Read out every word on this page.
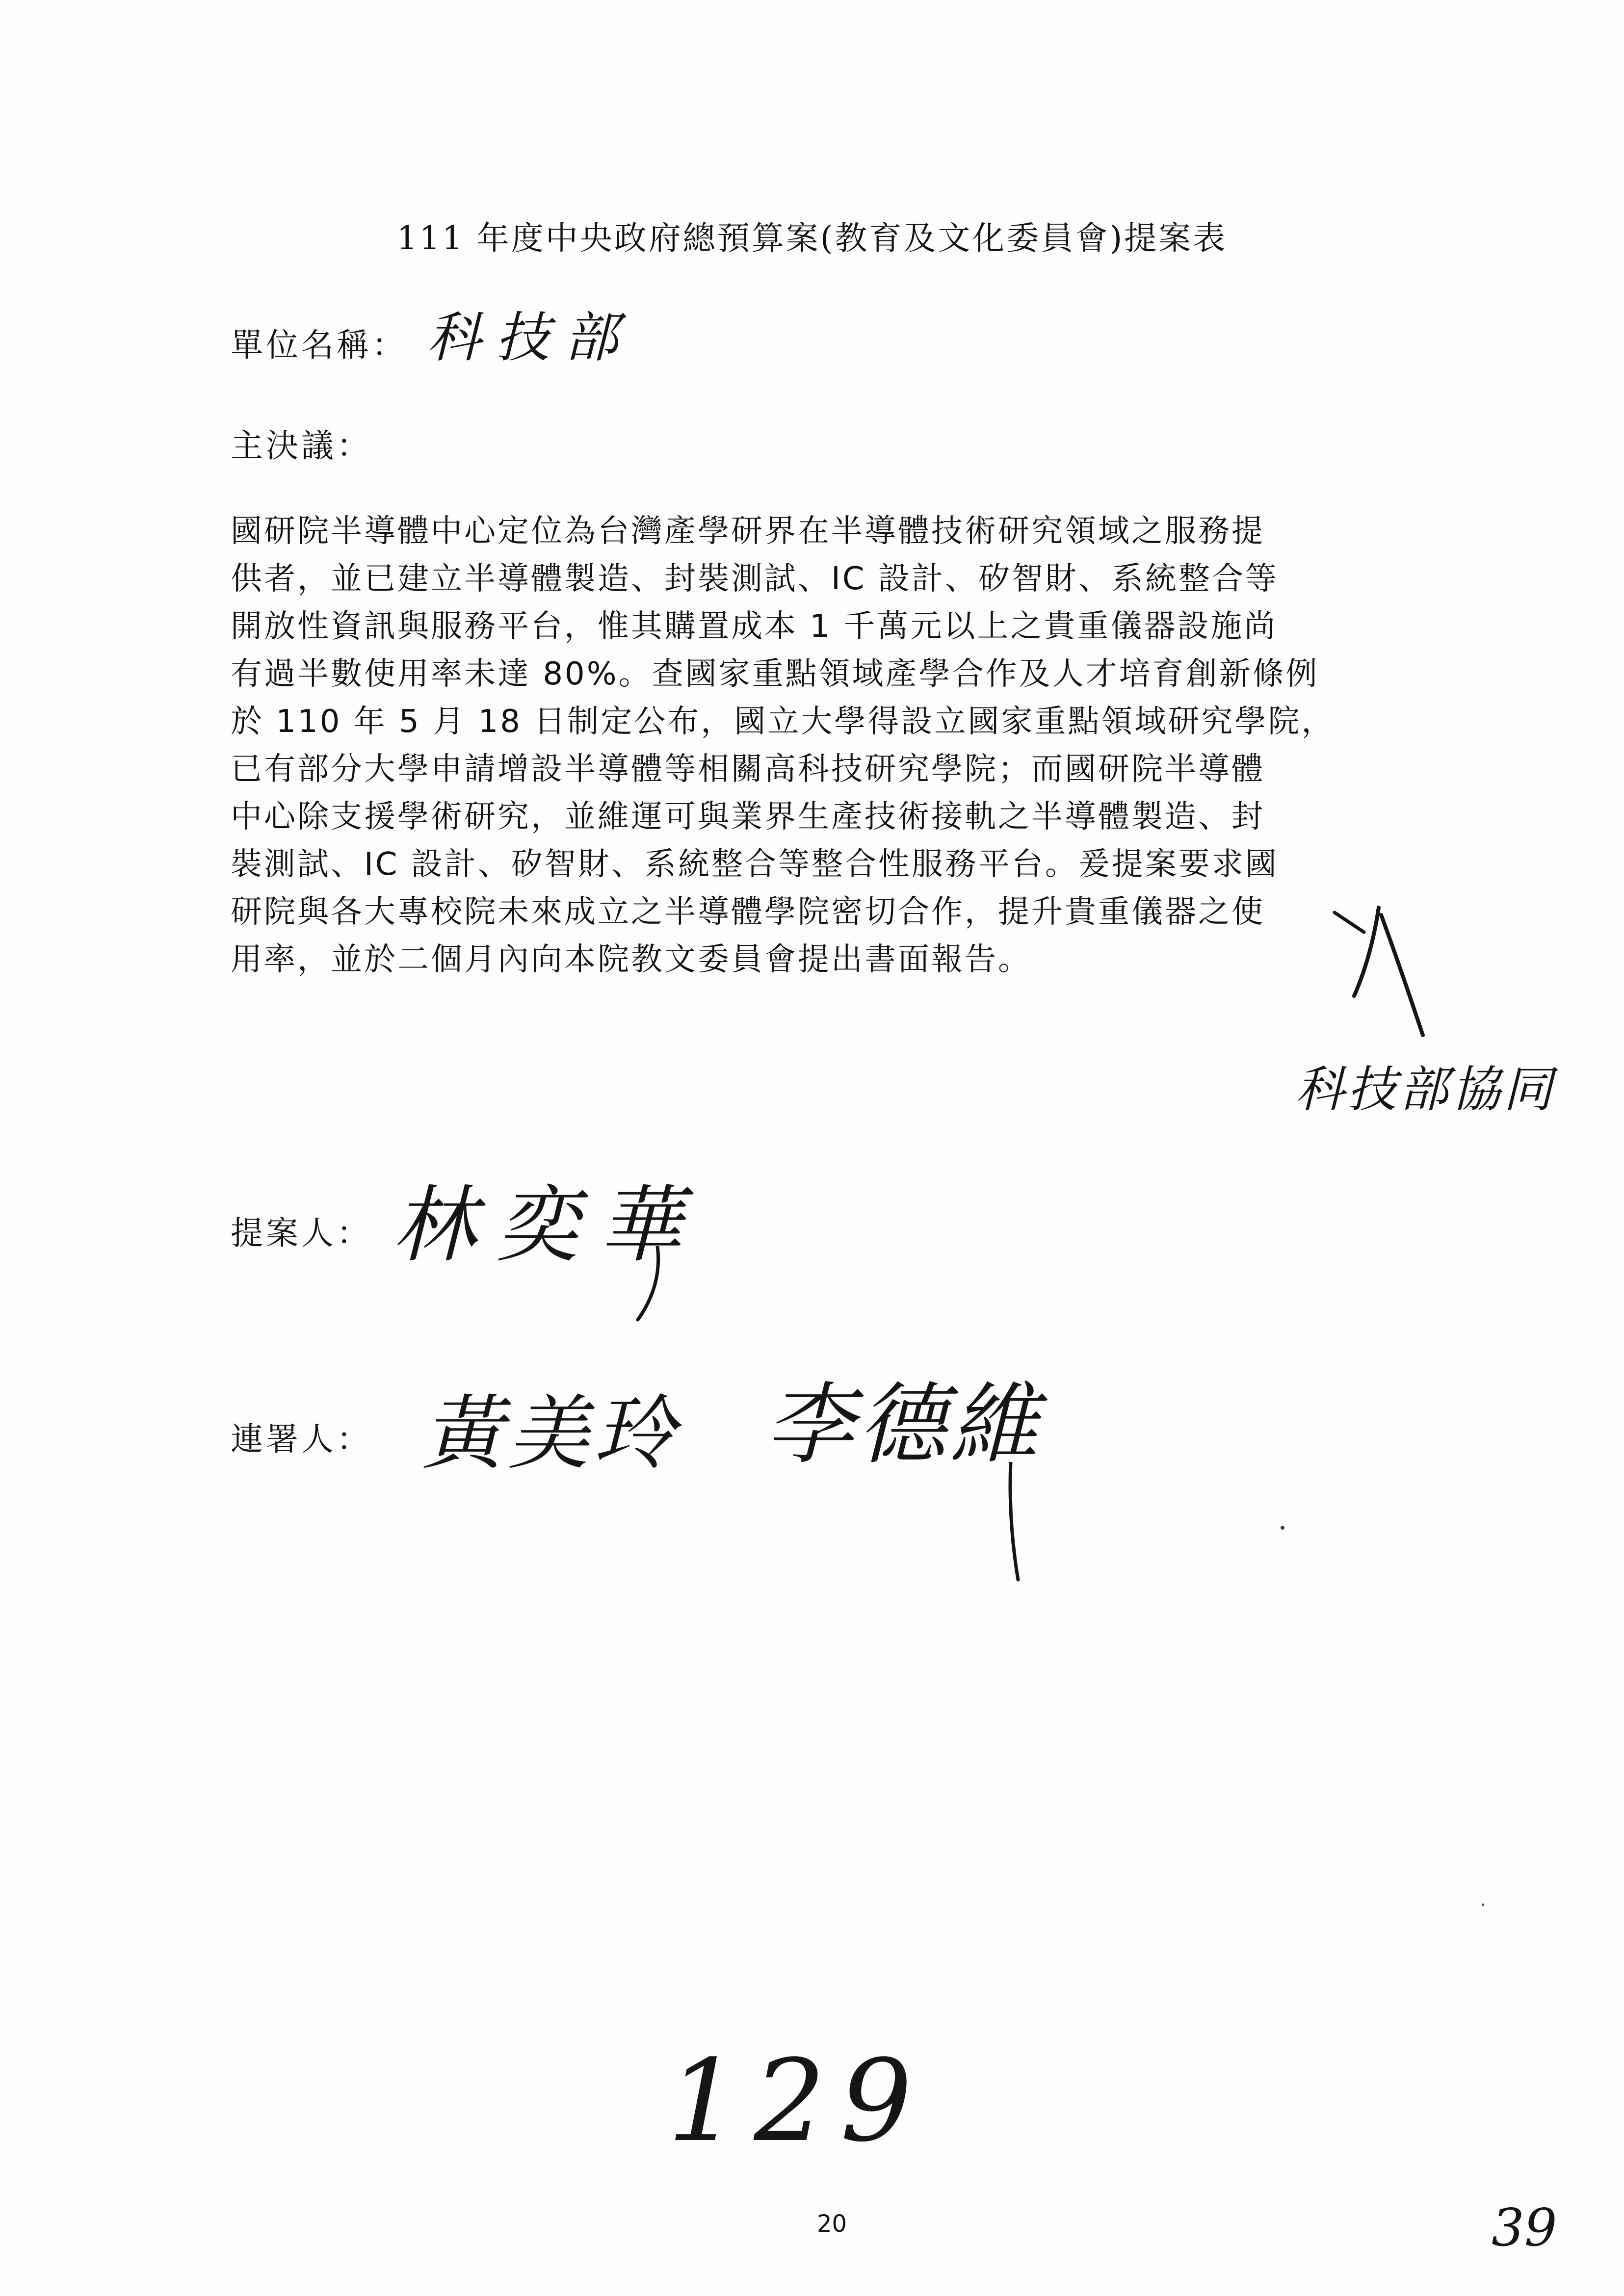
111 年度中央政府總預算案(教育及文化委員會)提案表
單位名稱： 科技部
主決議：
國研院半導體中心定位為台灣產學研界在半導體技術研究領域之服務提
供者，並已建立半導體製造、封裝測試、IC 設計、矽智財、系統整合等
開放性資訊與服務平台，惟其購置成本 1 千萬元以上之貴重儀器設施尚
有過半數使用率未達 80%。查國家重點領域產學合作及人才培育創新條例
於 110 年 5 月 18 日制定公布，國立大學得設立國家重點領域研究學院，
已有部分大學申請增設半導體等相關高科技研究學院；而國研院半導體
中心除支援學術研究，並維運可與業界生產技術接軌之半導體製造、封
裝測試、IC 設計、矽智財、系統整合等整合性服務平台。爰提案要求國
研院與各大專校院未來成立之半導體學院密切合作，提升貴重儀器之使
用率，並於二個月內向本院教文委員會提出書面報告。
科技部協同
提案人： 林奕華
連署人： 黃美玲 李德維
129
20	39
